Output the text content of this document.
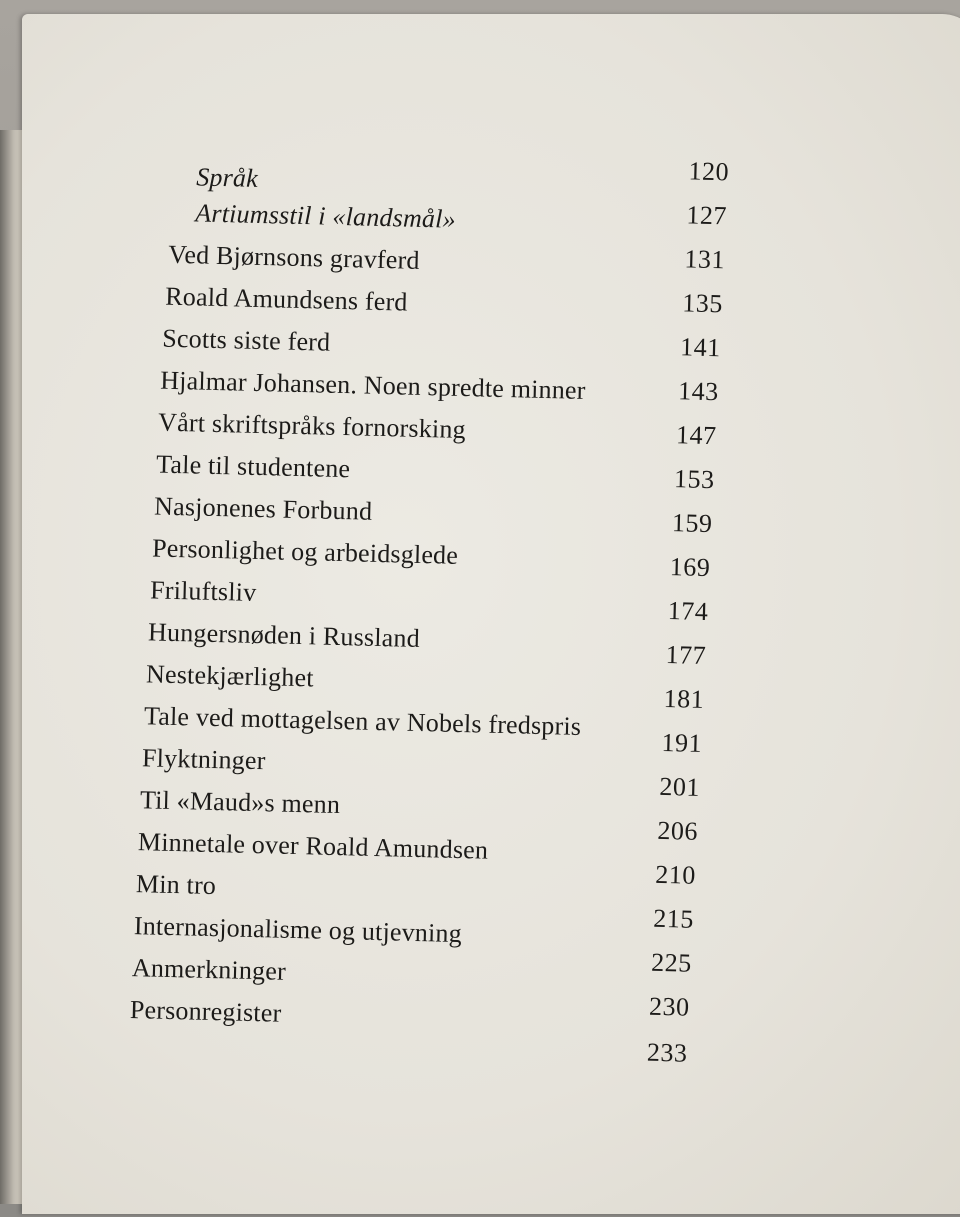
Språk
Artiumsstil i «landsmål»
Ved Bjørnsons gravferd
Roald Amundsens ferd
Scotts siste ferd
Hjalmar Johansen. Noen spredte minner
Vårt skriftspråks fornorsking
Tale til studentene
Nasjonenes Forbund
Personlighet og arbeidsglede
Friluftsliv
Hungersnøden i Russland
Nestekjærlighet
Tale ved mottagelsen av Nobels fredspris
Flyktninger
Til «Maud»s menn
Minnetale over Roald Amundsen
Min tro
Internasjonalisme og utjevning
Anmerkninger
Personregister
120
127
131
135
141
143
147
153
159
169
174
177
181
191
201
206
210
215
225
230
233
